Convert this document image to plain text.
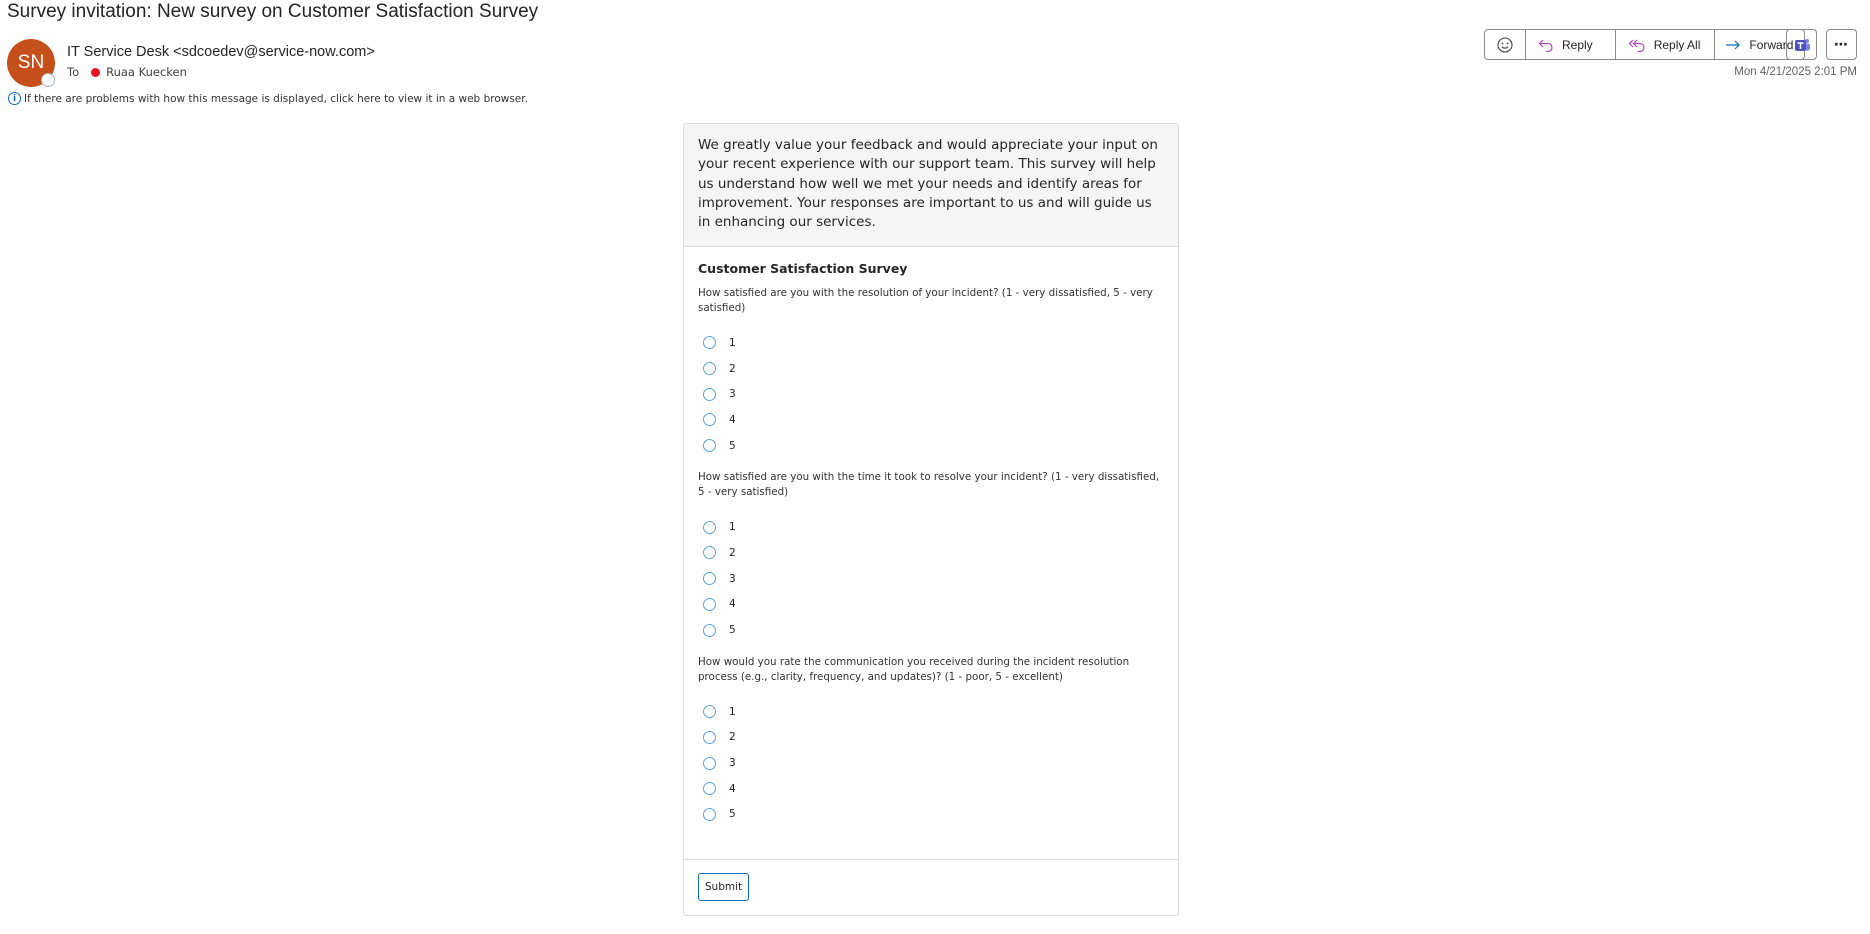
Survey invitation: New survey on Customer Satisfaction Survey
SN	IT Service Desk <sdcoedev@service-now.com>
To Ruaa Kuecken
i If there are problems with how this message is displayed, click here to view it in a web browser.
Reply	Reply All	Forward	⋯
Mon 4/21/2025 2:01 PM
We greatly value your feedback and would appreciate your input on your recent experience with our support team. This survey will help us understand how well we met your needs and identify areas for improvement. Your responses are important to us and will guide us in enhancing our services.
Customer Satisfaction Survey
How satisfied are you with the resolution of your incident? (1 - very dissatisfied, 5 - very satisfied)
1
2
3
4
5
How satisfied are you with the time it took to resolve your incident? (1 - very dissatisfied, 5 - very satisfied)
1
2
3
4
5
How would you rate the communication you received during the incident resolution process (e.g., clarity, frequency, and updates)? (1 - poor, 5 - excellent)
1
2
3
4
5
Submit
